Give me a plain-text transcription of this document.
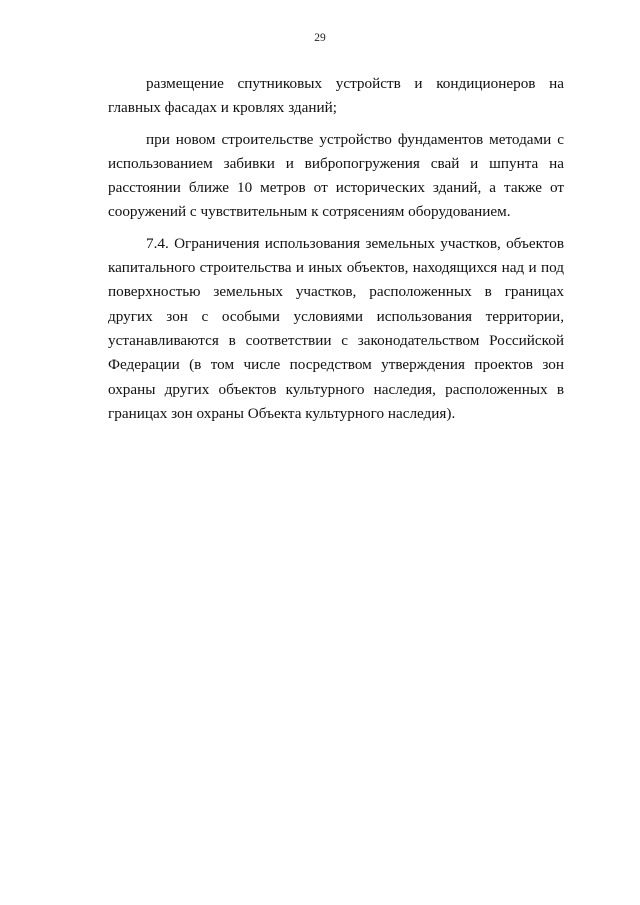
29

размещение спутниковых устройств и кондиционеров на главных фасадах и кровлях зданий;

при новом строительстве устройство фундаментов методами с использованием забивки и вибропогружения свай и шпунта на расстоянии ближе 10 метров от исторических зданий, а также от сооружений с чувствительным к сотрясениям оборудованием.

7.4. Ограничения использования земельных участков, объектов капитального строительства и иных объектов, находящихся над и под поверхностью земельных участков, расположенных в границах других зон с особыми условиями использования территории, устанавливаются в соответствии с законодательством Российской Федерации (в том числе посредством утверждения проектов зон охраны других объектов культурного наследия, расположенных в границах зон охраны Объекта культурного наследия).
